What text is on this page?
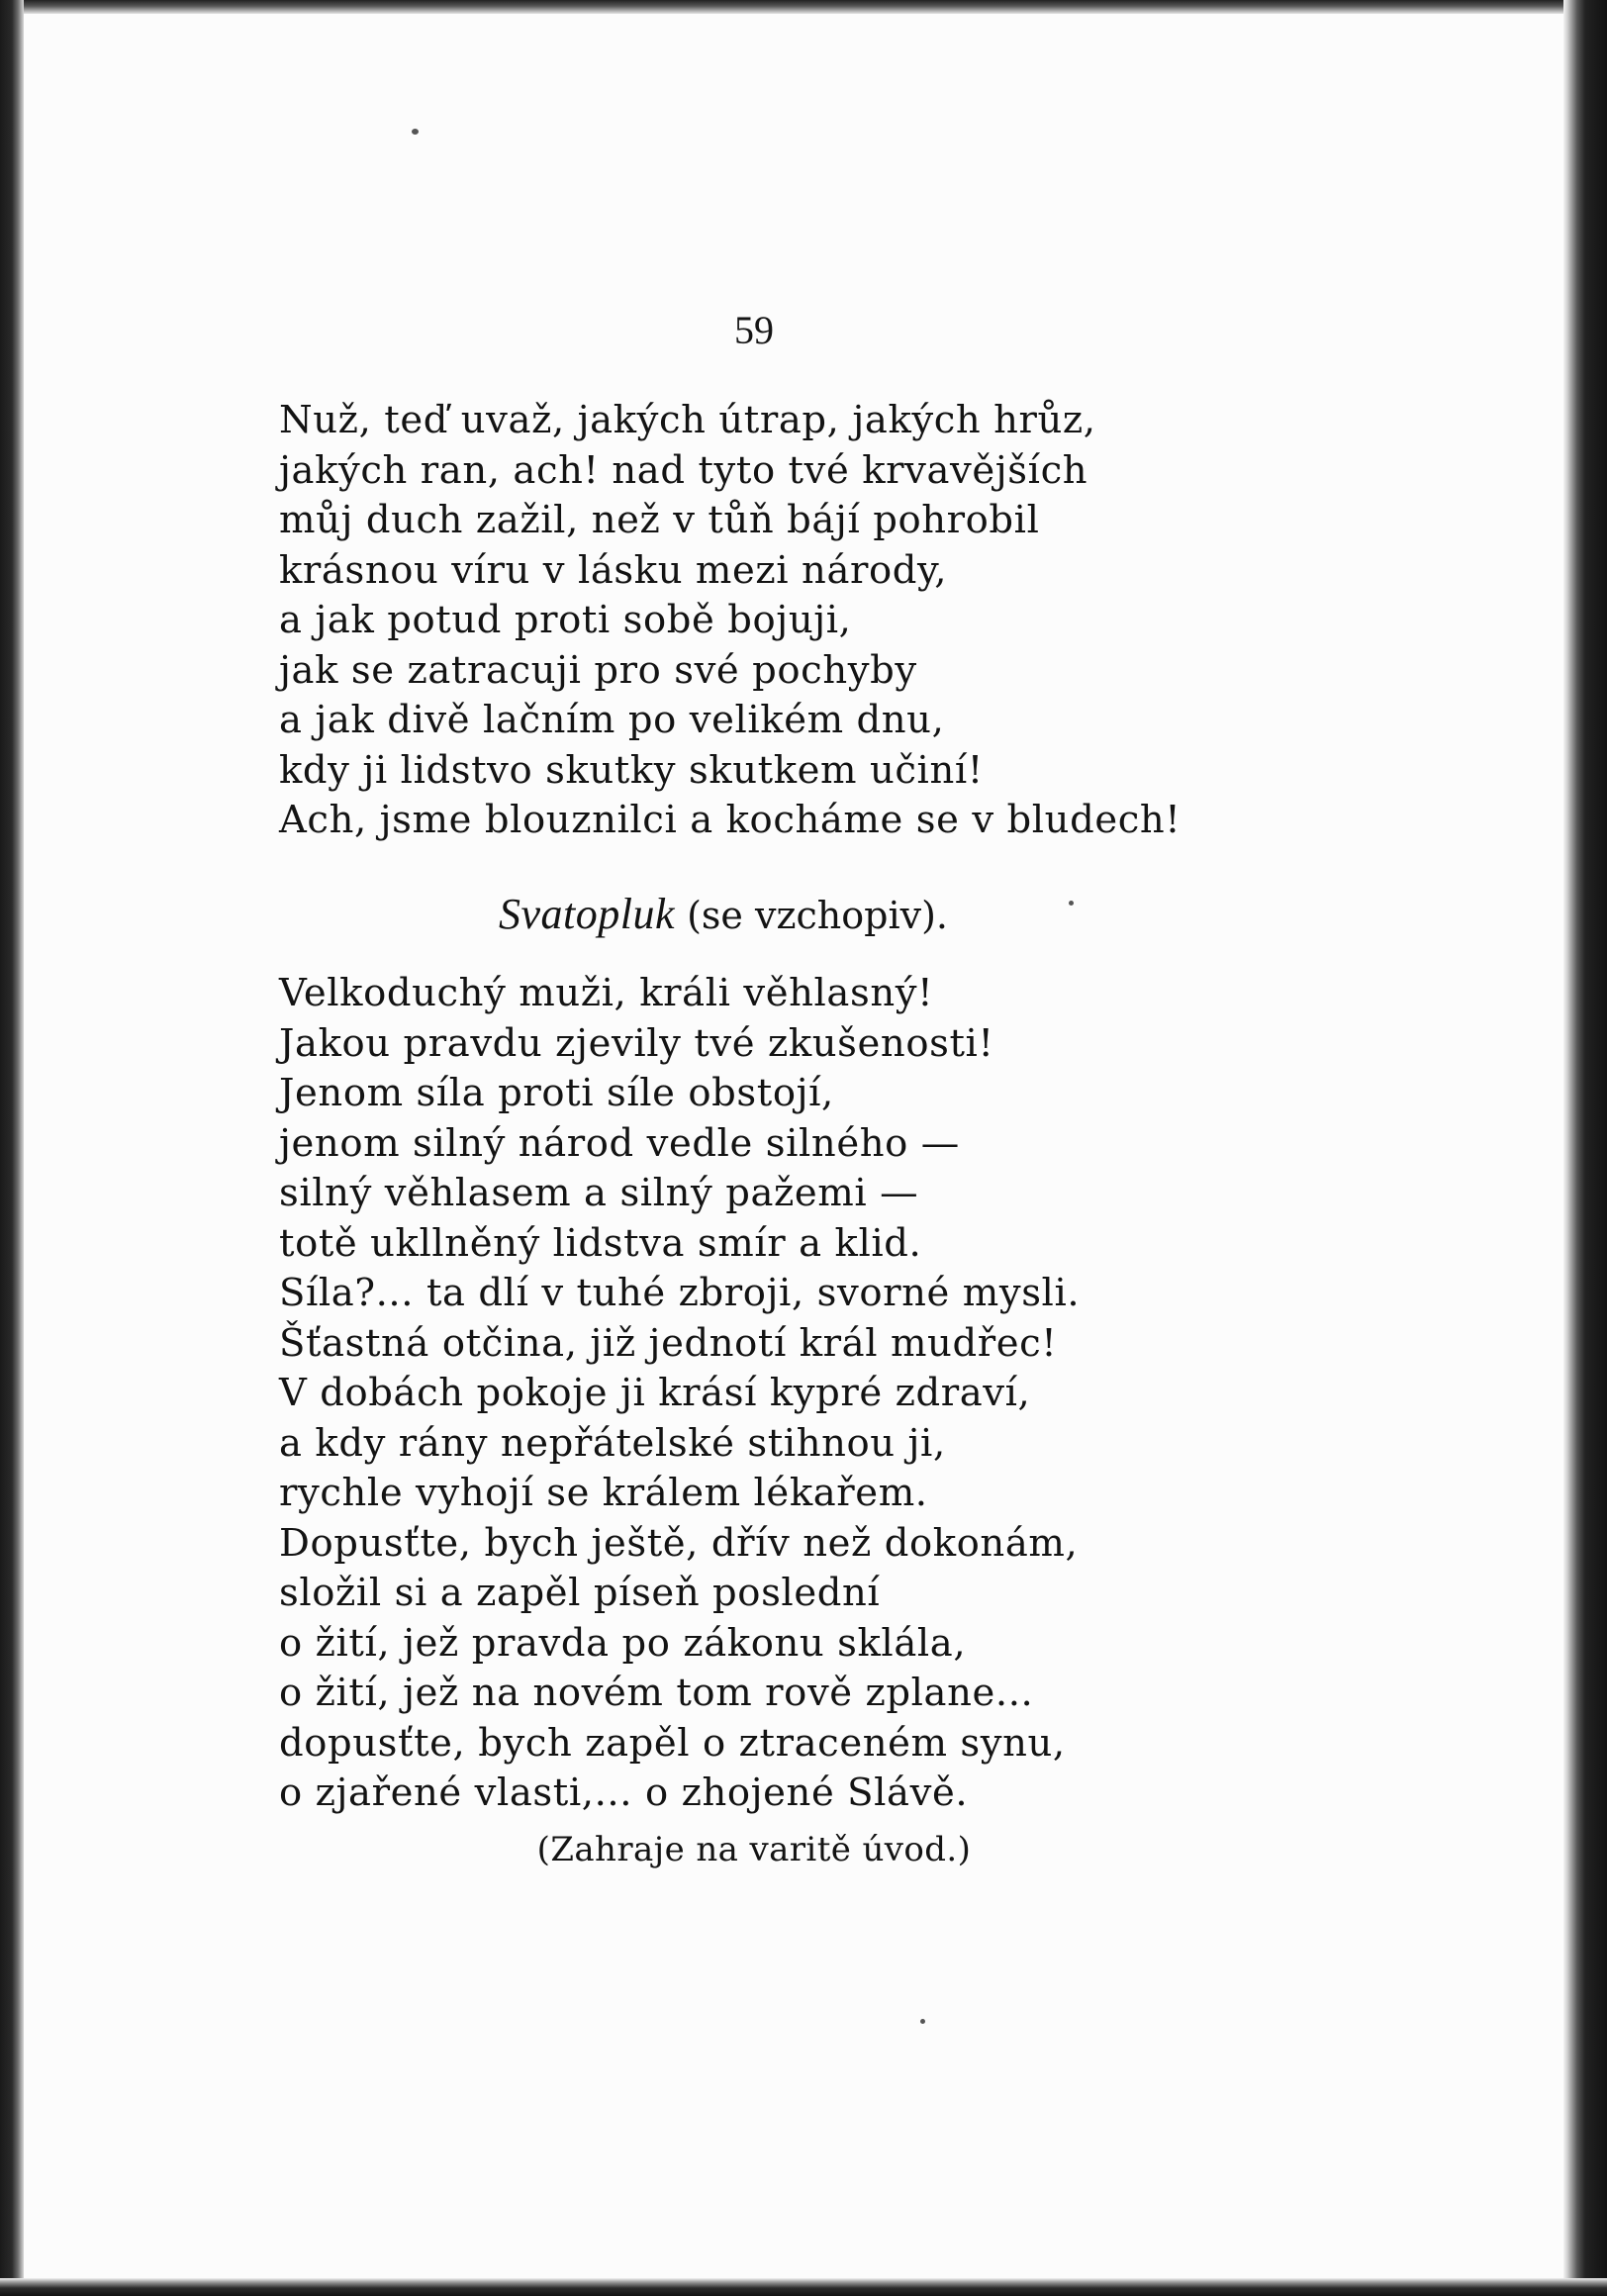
59
Nuž, teď uvaž, jakých útrap, jakých hrůz,
jakých ran, ach! nad tyto tvé krvavějších
můj duch zažil, než v tůň bájí pohrobil
krásnou víru v lásku mezi národy,
a jak potud proti sobě bojuji,
jak se zatracuji pro své pochyby
a jak divě lačním po velikém dnu,
kdy ji lidstvo skutky skutkem učiní!
Ach, jsme blouznilci a kocháme se v bludech!
Svatopluk (se vzchopiv).
Velkoduchý muži, králi věhlasný!
Jakou pravdu zjevily tvé zkušenosti!
Jenom síla proti síle obstojí,
jenom silný národ vedle silného —
silný věhlasem a silný pažemi —
totě ukllněný lidstva smír a klid.
Síla?... ta dlí v tuhé zbroji, svorné mysli.
Šťastná otčina, již jednotí král mudřec!
V dobách pokoje ji krásí kypré zdraví,
a kdy rány nepřátelské stihnou ji,
rychle vyhojí se králem lékařem.
Dopusťte, bych ještě, dřív než dokonám,
složil si a zapěl píseň poslední
o žití, jež pravda po zákonu sklála,
o žití, jež na novém tom rově zplane...
dopusťte, bych zapěl o ztraceném synu,
o zjařené vlasti,... o zhojené Slávě.
(Zahraje na varitě úvod.)
